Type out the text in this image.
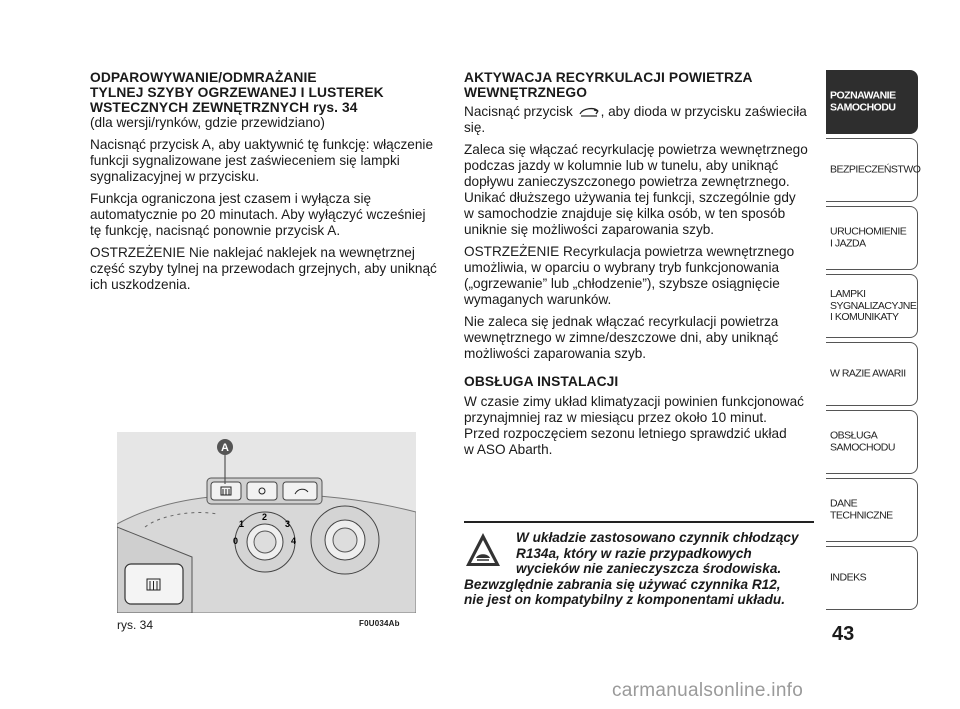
ODPAROWYWANIE/ODMRAŻANIE
TYLNEJ SZYBY OGRZEWANEJ I LUSTEREK
WSTECZNYCH ZEWNĘTRZNYCH rys. 34
(dla wersji/rynków, gdzie przewidziano)

Nacisnąć przycisk A, aby uaktywnić tę funkcję: włączenie
funkcji sygnalizowane jest zaświeceniem się lampki
sygnalizacyjnej w przycisku.

Funkcja ograniczona jest czasem i wyłącza się
automatycznie po 20 minutach. Aby wyłączyć wcześniej
tę funkcję, nacisnąć ponownie przycisk A.

OSTRZEŻENIE Nie naklejać naklejek na wewnętrznej
część szyby tylnej na przewodach grzejnych, aby uniknąć
ich uszkodzenia.

AKTYWACJA RECYRKULACJI POWIETRZA
WEWNĘTRZNEGO

Nacisnąć przycisk , aby dioda w przycisku zaświeciła
się.

Zaleca się włączać recyrkulację powietrza wewnętrznego
podczas jazdy w kolumnie lub w tunelu, aby uniknąć
dopływu zanieczyszczonego powietrza zewnętrznego.
Unikać dłuższego używania tej funkcji, szczególnie gdy
w samochodzie znajduje się kilka osób, w ten sposób
uniknie się możliwości zaparowania szyb.

OSTRZEŻENIE Recyrkulacja powietrza wewnętrznego
umożliwia, w oparciu o wybrany tryb funkcjonowania
(„ogrzewanie” lub „chłodzenie”), szybsze osiągnięcie
wymaganych warunków.

Nie zaleca się jednak włączać recyrkulacji powietrza
wewnętrznego w zimne/deszczowe dni, aby uniknąć
możliwości zaparowania szyb.

OBSŁUGA INSTALACJI

W czasie zimy układ klimatyzacji powinien funkcjonować
przynajmniej raz w miesiącu przez około 10 minut.
Przed rozpoczęciem sezonu letniego sprawdzić układ
w ASO Abarth.

A
0
1
2
3
4
rys. 34	F0U034Ab
W układzie zastosowano czynnik chłodzący
R134a, który w razie przypadkowych
wycieków nie zanieczyszcza środowiska.
Bezwzględnie zabrania się używać czynnika R12,
nie jest on kompatybilny z komponentami układu.
POZNAWANIE
SAMOCHODU
BEZPIECZEŃSTWO
URUCHOMIENIE
I JAZDA
LAMPKI
SYGNALIZACYJNE
I KOMUNIKATY
W RAZIE AWARII
OBSŁUGA
SAMOCHODU
DANE
TECHNICZNE
INDEKS
43
carmanualsonline.info
